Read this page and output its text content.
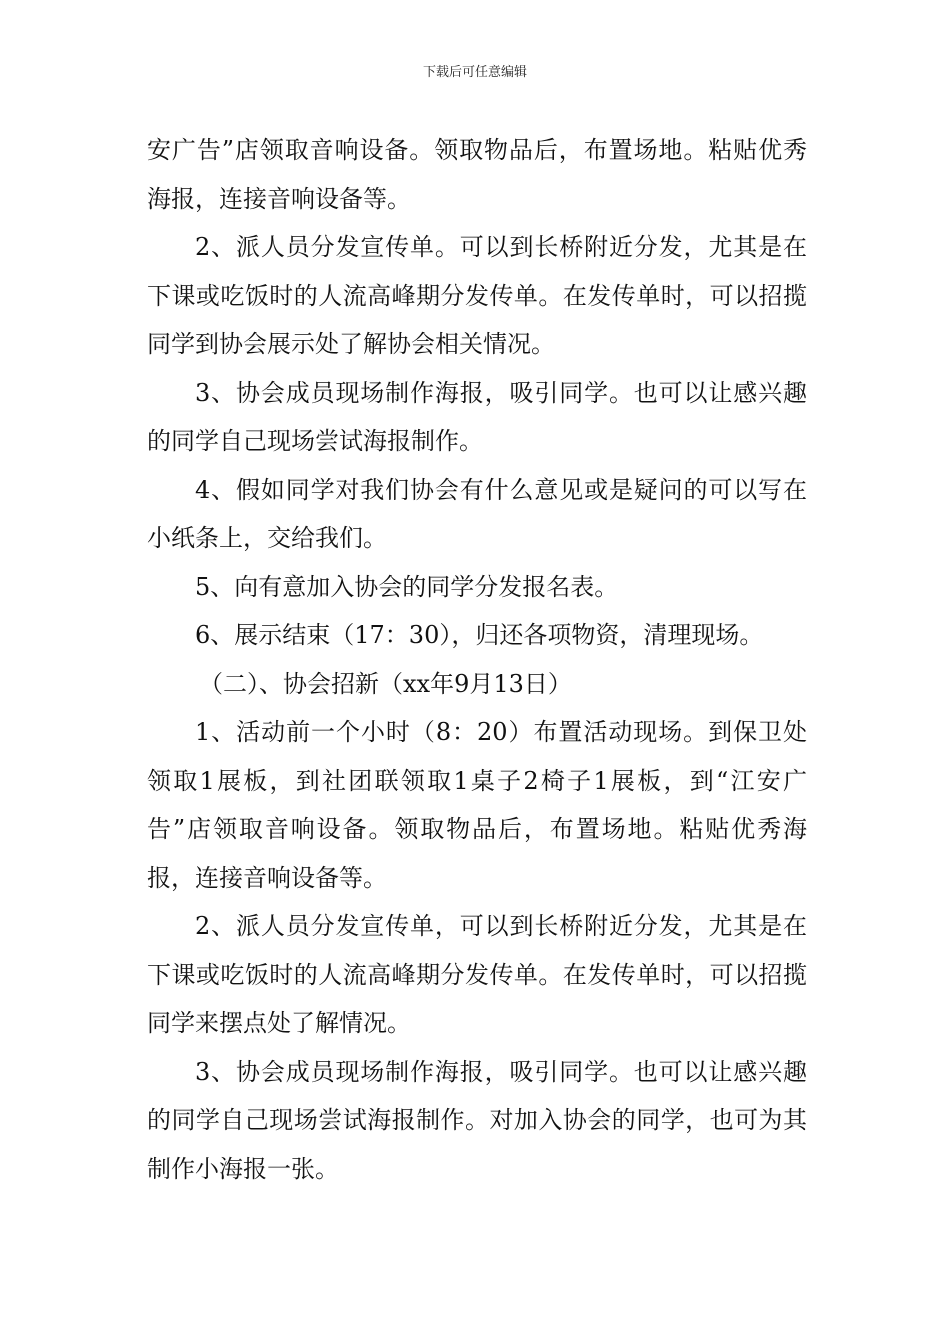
下载后可任意编辑

安广告”店领取音响设备。领取物品后，布置场地。粘贴优秀海报，连接音响设备等。

2、派人员分发宣传单。可以到长桥附近分发，尤其是在下课或吃饭时的人流高峰期分发传单。在发传单时，可以招揽同学到协会展示处了解协会相关情况。

3、协会成员现场制作海报，吸引同学。也可以让感兴趣的同学自己现场尝试海报制作。

4、假如同学对我们协会有什么意见或是疑问的可以写在小纸条上，交给我们。

5、向有意加入协会的同学分发报名表。

6、展示结束（17：30），归还各项物资，清理现场。

（二）、协会招新（xx年9月13日）

1、活动前一个小时（8：20）布置活动现场。到保卫处领取1展板，到社团联领取1桌子2椅子1展板，到“江安广告”店领取音响设备。领取物品后，布置场地。粘贴优秀海报，连接音响设备等。

2、派人员分发宣传单，可以到长桥附近分发，尤其是在下课或吃饭时的人流高峰期分发传单。在发传单时，可以招揽同学来摆点处了解情况。

3、协会成员现场制作海报，吸引同学。也可以让感兴趣的同学自己现场尝试海报制作。对加入协会的同学，也可为其制作小海报一张。
